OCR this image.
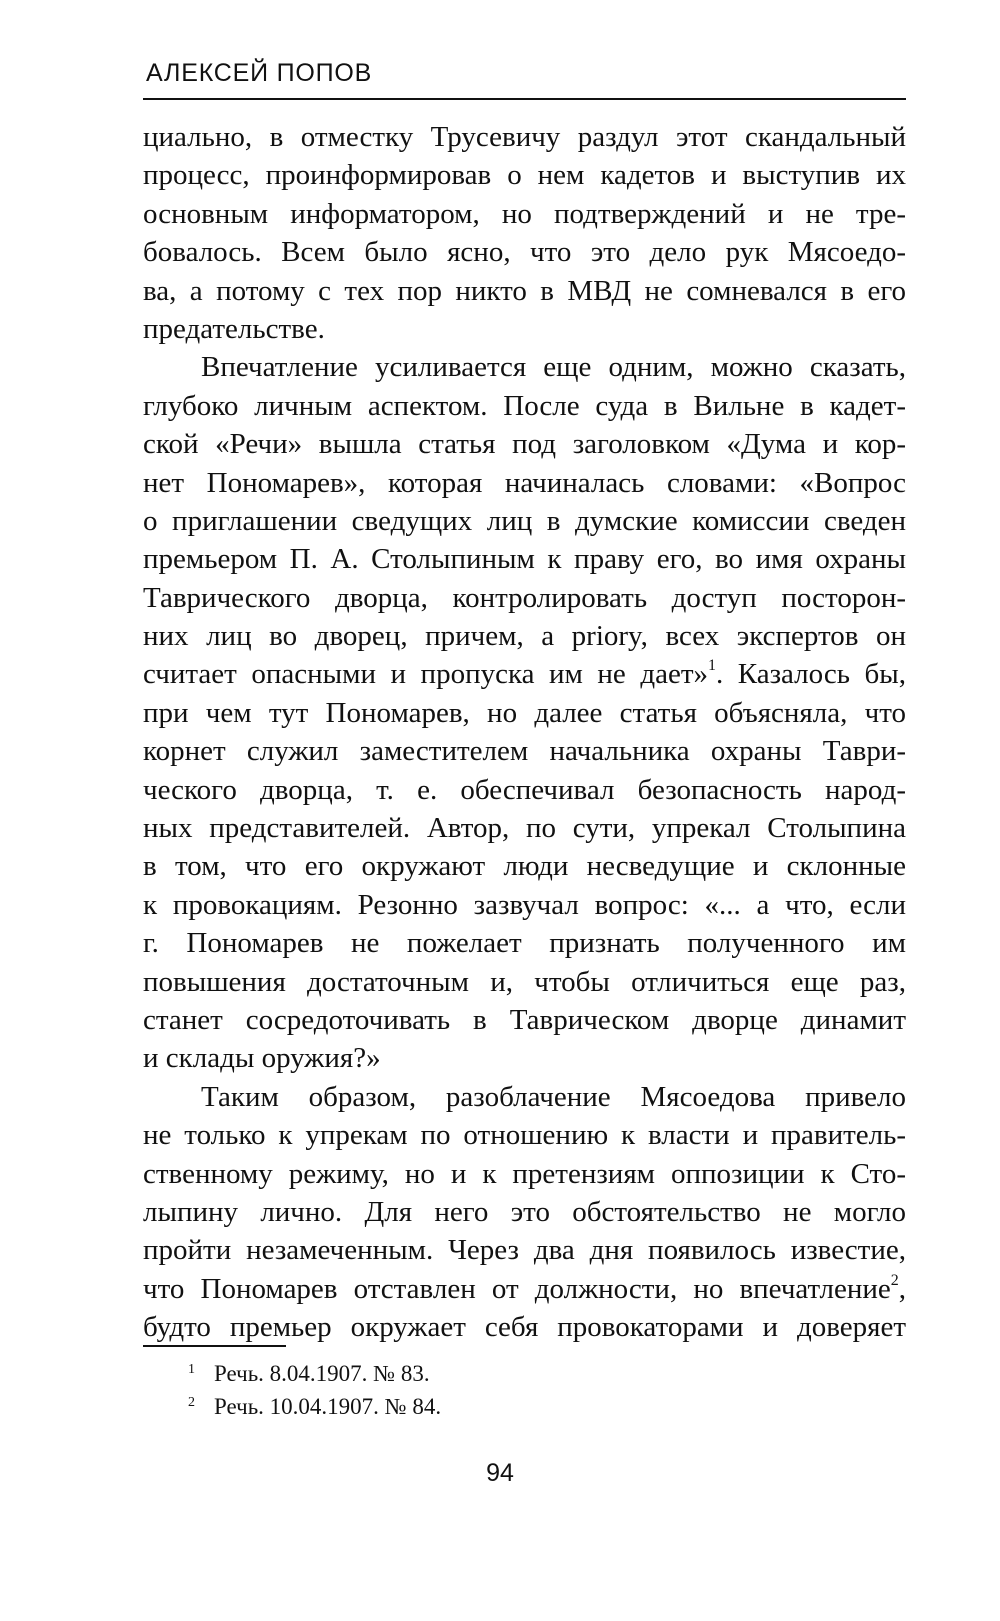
АЛЕКСЕЙ ПОПОВ
циально, в отместку Трусевичу раздул этот скандальный
процесс, проинформировав о нем кадетов и выступив их
основным информатором, но подтверждений и не тре-
бовалось. Всем было ясно, что это дело рук Мясоедо-
ва, а потому с тех пор никто в МВД не сомневался в его
предательстве.
Впечатление усиливается еще одним, можно сказать,
глубоко личным аспектом. После суда в Вильне в кадет-
ской «Речи» вышла статья под заголовком «Дума и кор-
нет Пономарев», которая начиналась словами: «Вопрос
о приглашении сведущих лиц в думские комиссии сведен
премьером П. А. Столыпиным к праву его, во имя охраны
Таврического дворца, контролировать доступ посторон-
них лиц во дворец, причем, а priory, всех экспертов он
считает опасными и пропуска им не дает»$^1$. Казалось бы,
при чем тут Пономарев, но далее статья объясняла, что
корнет служил заместителем начальника охраны Таври-
ческого дворца, т. е. обеспечивал безопасность народ-
ных представителей. Автор, по сути, упрекал Столыпина
в том, что его окружают люди несведущие и склонные
к провокациям. Резонно зазвучал вопрос: «... а что, если
г. Пономарев не пожелает признать полученного им
повышения достаточным и, чтобы отличиться еще раз,
станет сосредоточивать в Таврическом дворце динамит
и склады оружия?»
Таким образом, разоблачение Мясоедова привело
не только к упрекам по отношению к власти и правитель-
ственному режиму, но и к претензиям оппозиции к Сто-
лыпину лично. Для него это обстоятельство не могло
пройти незамеченным. Через два дня появилось известие,
что Пономарев отставлен от должности, но впечатление$^2$,
будто премьер окружает себя провокаторами и доверяет
1 Речь. 8.04.1907. № 83.
2 Речь. 10.04.1907. № 84.
94
